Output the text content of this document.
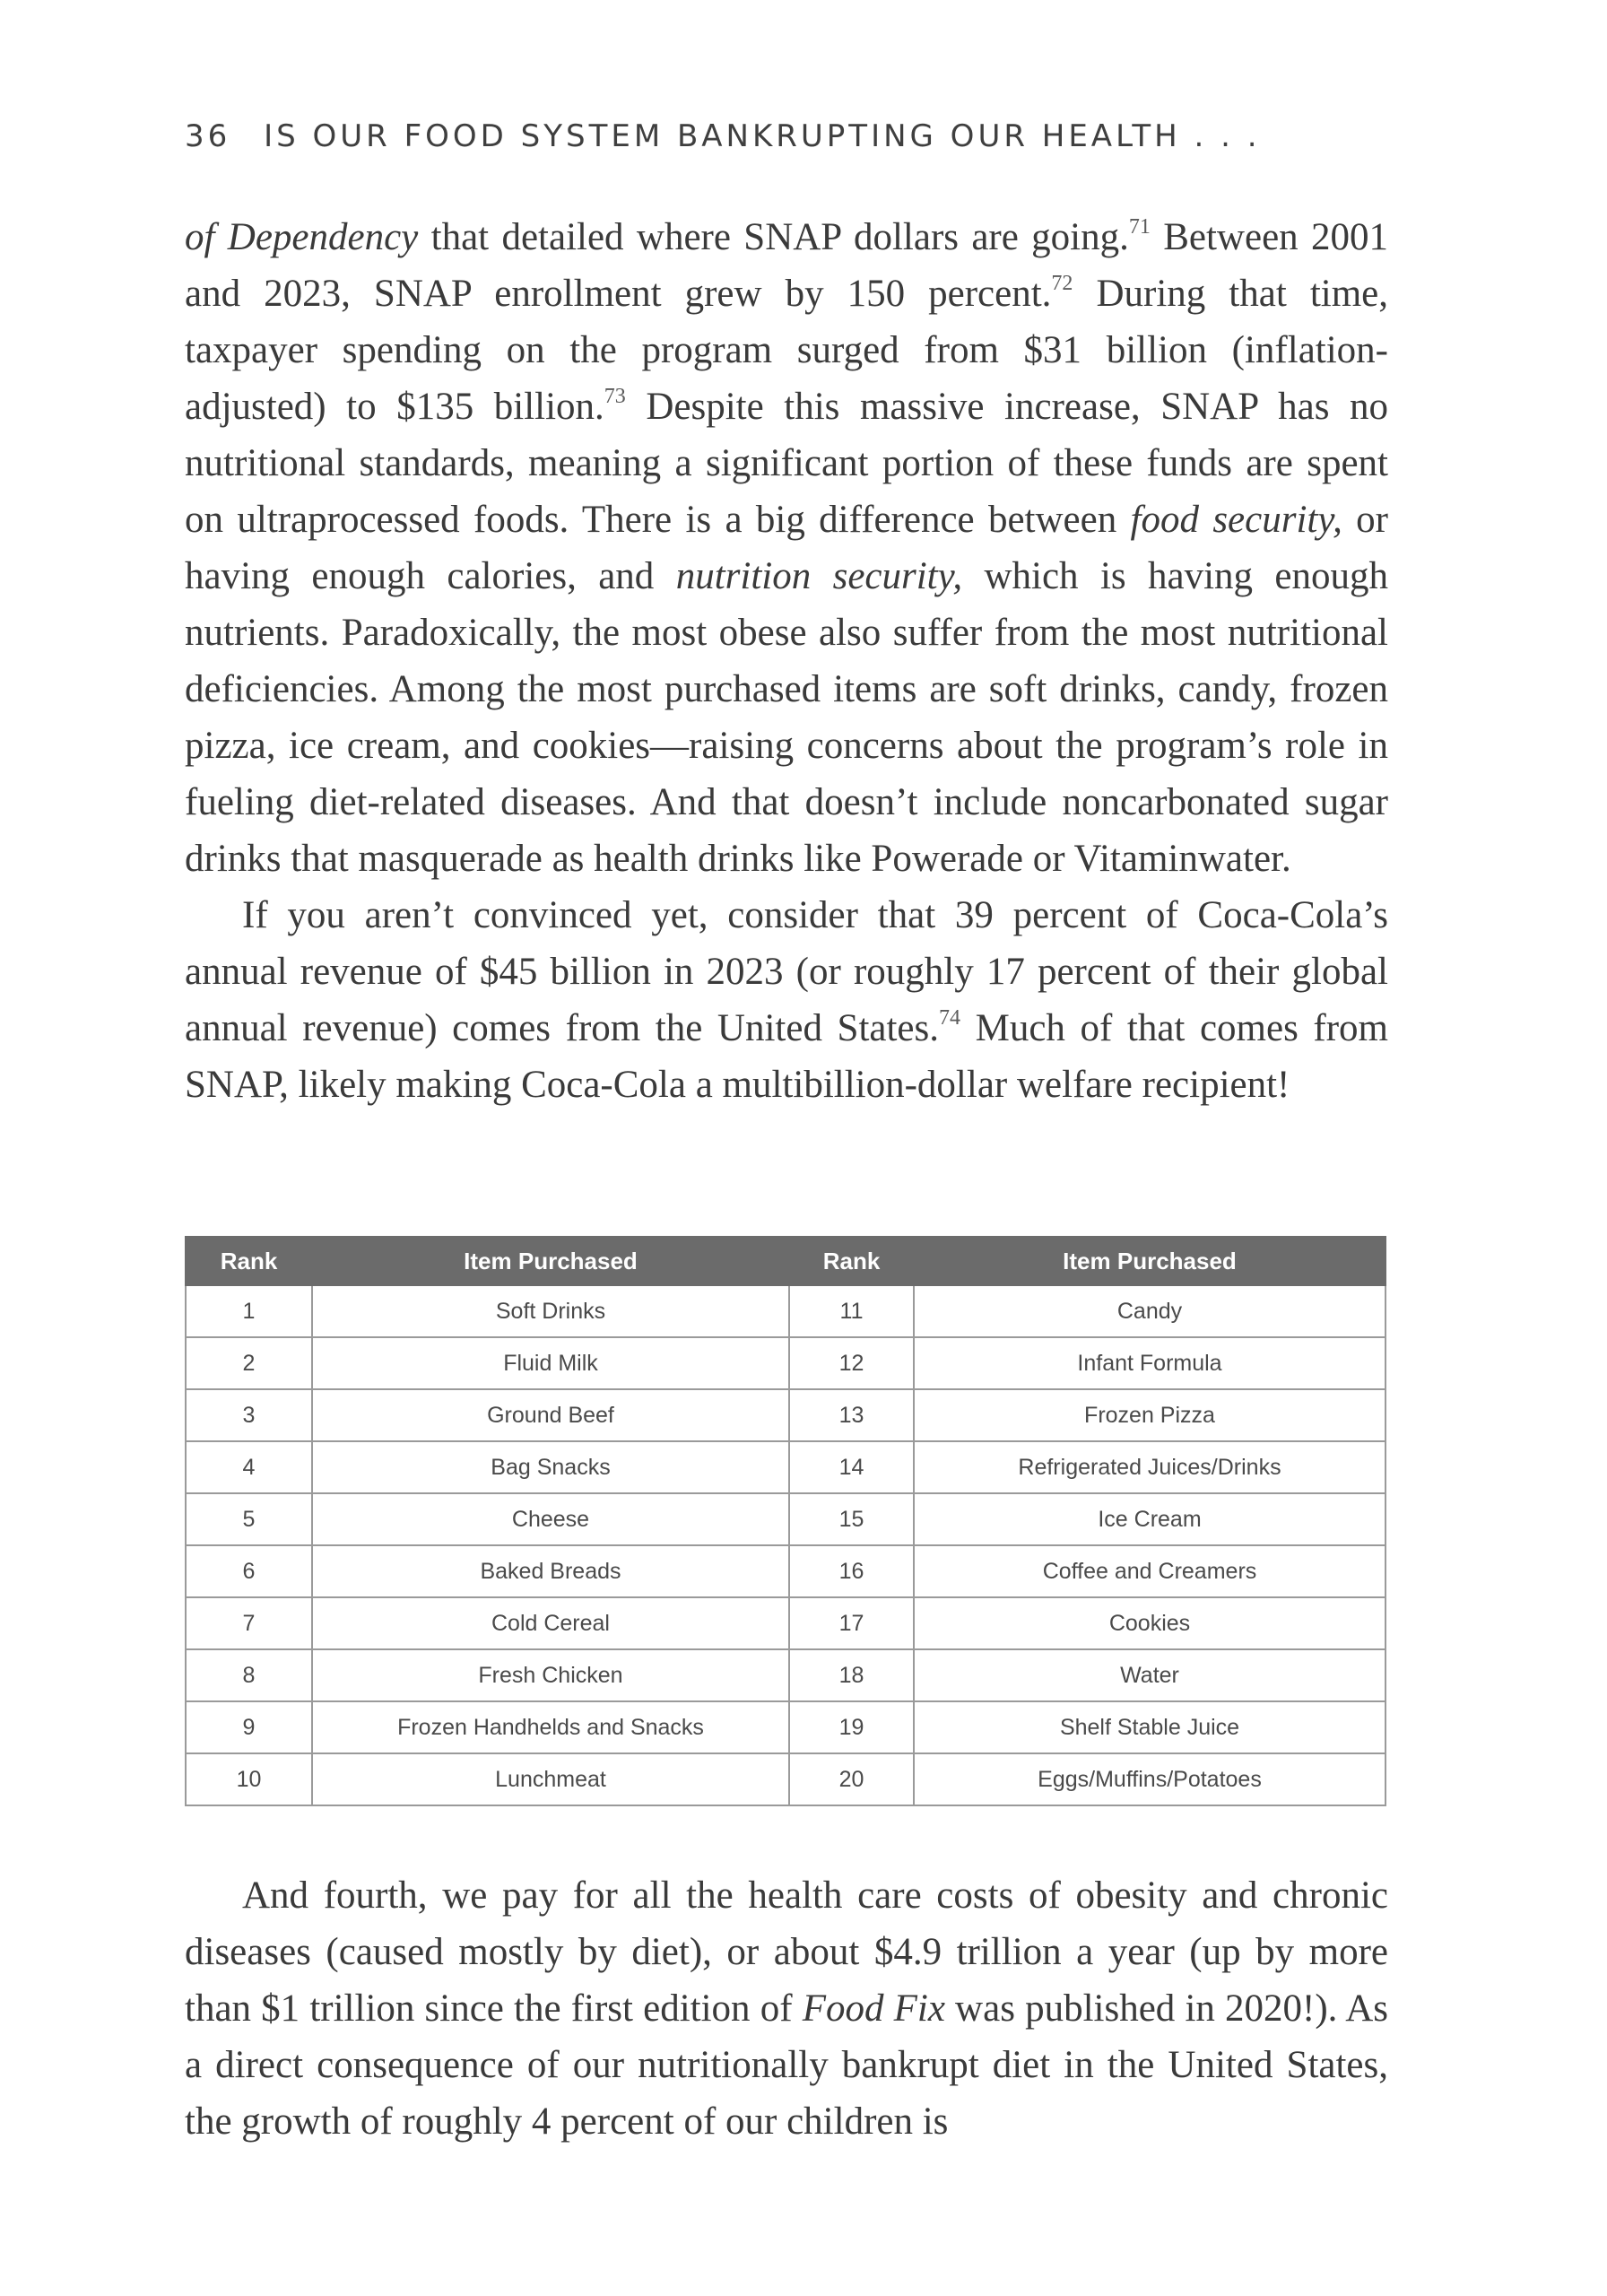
36 IS OUR FOOD SYSTEM BANKRUPTING OUR HEALTH . . .

of Dependency that detailed where SNAP dollars are going.$^{71}$ Between 2001 and 2023, SNAP enrollment grew by 150 percent.$^{72}$ During that time, taxpayer spending on the program surged from $31 billion (inflation-adjusted) to $135 billion.$^{73}$ Despite this massive increase, SNAP has no nutritional standards, meaning a significant portion of these funds are spent on ultraprocessed foods. There is a big difference between food security, or having enough calories, and nutrition security, which is having enough nutrients. Paradoxically, the most obese also suffer from the most nutritional deficiencies. Among the most purchased items are soft drinks, candy, frozen pizza, ice cream, and cookies—raising concerns about the program’s role in fueling diet-related diseases. And that doesn’t include noncarbonated sugar drinks that masquerade as health drinks like Powerade or Vitaminwater.

If you aren’t convinced yet, consider that 39 percent of Coca-Cola’s annual revenue of $45 billion in 2023 (or roughly 17 percent of their global annual revenue) comes from the United States.$^{74}$ Much of that comes from SNAP, likely making Coca-Cola a multibillion-dollar welfare recipient!

Rank	Item Purchased	Rank	Item Purchased
1	Soft Drinks	11	Candy
2	Fluid Milk	12	Infant Formula
3	Ground Beef	13	Frozen Pizza
4	Bag Snacks	14	Refrigerated Juices/Drinks
5	Cheese	15	Ice Cream
6	Baked Breads	16	Coffee and Creamers
7	Cold Cereal	17	Cookies
8	Fresh Chicken	18	Water
9	Frozen Handhelds and Snacks	19	Shelf Stable Juice
10	Lunchmeat	20	Eggs/Muffins/Potatoes

And fourth, we pay for all the health care costs of obesity and chronic diseases (caused mostly by diet), or about $4.9 trillion a year (up by more than $1 trillion since the first edition of Food Fix was published in 2020!). As a direct consequence of our nutritionally bankrupt diet in the United States, the growth of roughly 4 percent of our children is
